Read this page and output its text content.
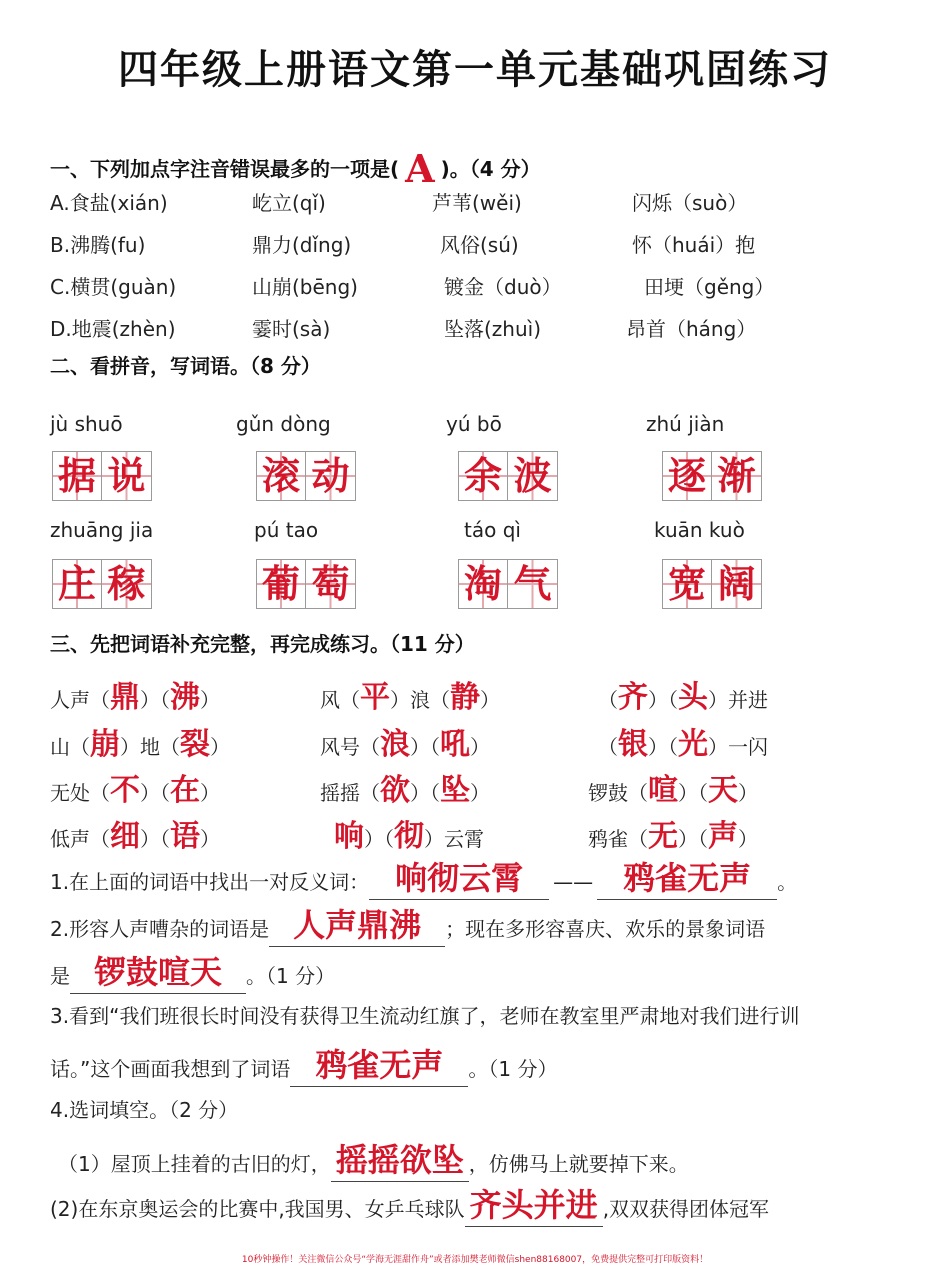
四年级上册语文第一单元基础巩固练习
一、下列加点字注音错误最多的一项是( A )。（4 分）
A.食盐(xián)	屹立(qǐ)	芦苇(wěi)	闪烁（suò）
B.沸腾(fu)	鼎力(dǐng)	风俗(sú)	怀（huái）抱
C.横贯(guàn)	山崩(bēng)	镀金（duò）	田埂（gěng）
D.地震(zhèn)	霎时(sà)	坠落(zhuì)	昂首（háng）
二、看拼音，写词语。（8 分）
jù shuō
据 说
gǔn dòng
滚 动
yú bō
余 波
zhú jiàn
逐 渐
zhuāng jia
庄 稼
pú tao
葡 萄
táo qì
淘 气
kuān kuò
宽 阔
三、先把词语补充完整，再完成练习。（11 分）
人声（鼎）（沸）	风（平）浪（静）	（齐）（头）并进
山（崩）地（裂）	风号（浪）（吼）	（银）（光）一闪
无处（不）（在）	摇摇（欲）（坠）	锣鼓（喧）（天）
低声（细）（语）	响）（彻）云霄	鸦雀（无）（声）
1.在上面的词语中找出一对反义词： 响彻云霄 —— 鸦雀无声 。
2.形容人声嘈杂的词语是 人声鼎沸 ；现在多形容喜庆、欢乐的景象词语
是 锣鼓喧天 。（1 分）
3.看到“我们班很长时间没有获得卫生流动红旗了，老师在教室里严肃地对我们进行训
话。”这个画面我想到了词语 鸦雀无声 。（1 分）
4.选词填空。（2 分）
（1）屋顶上挂着的古旧的灯， 摇摇欲坠 ，仿佛马上就要掉下来。
(2)在东京奥运会的比赛中,我国男、女乒乓球队 齐头并进 ,双双获得团体冠军
10秒钟操作！关注微信公众号“学海无涯甜作舟”或者添加樊老师微信shen88168007，免费提供完整可打印版资料！
